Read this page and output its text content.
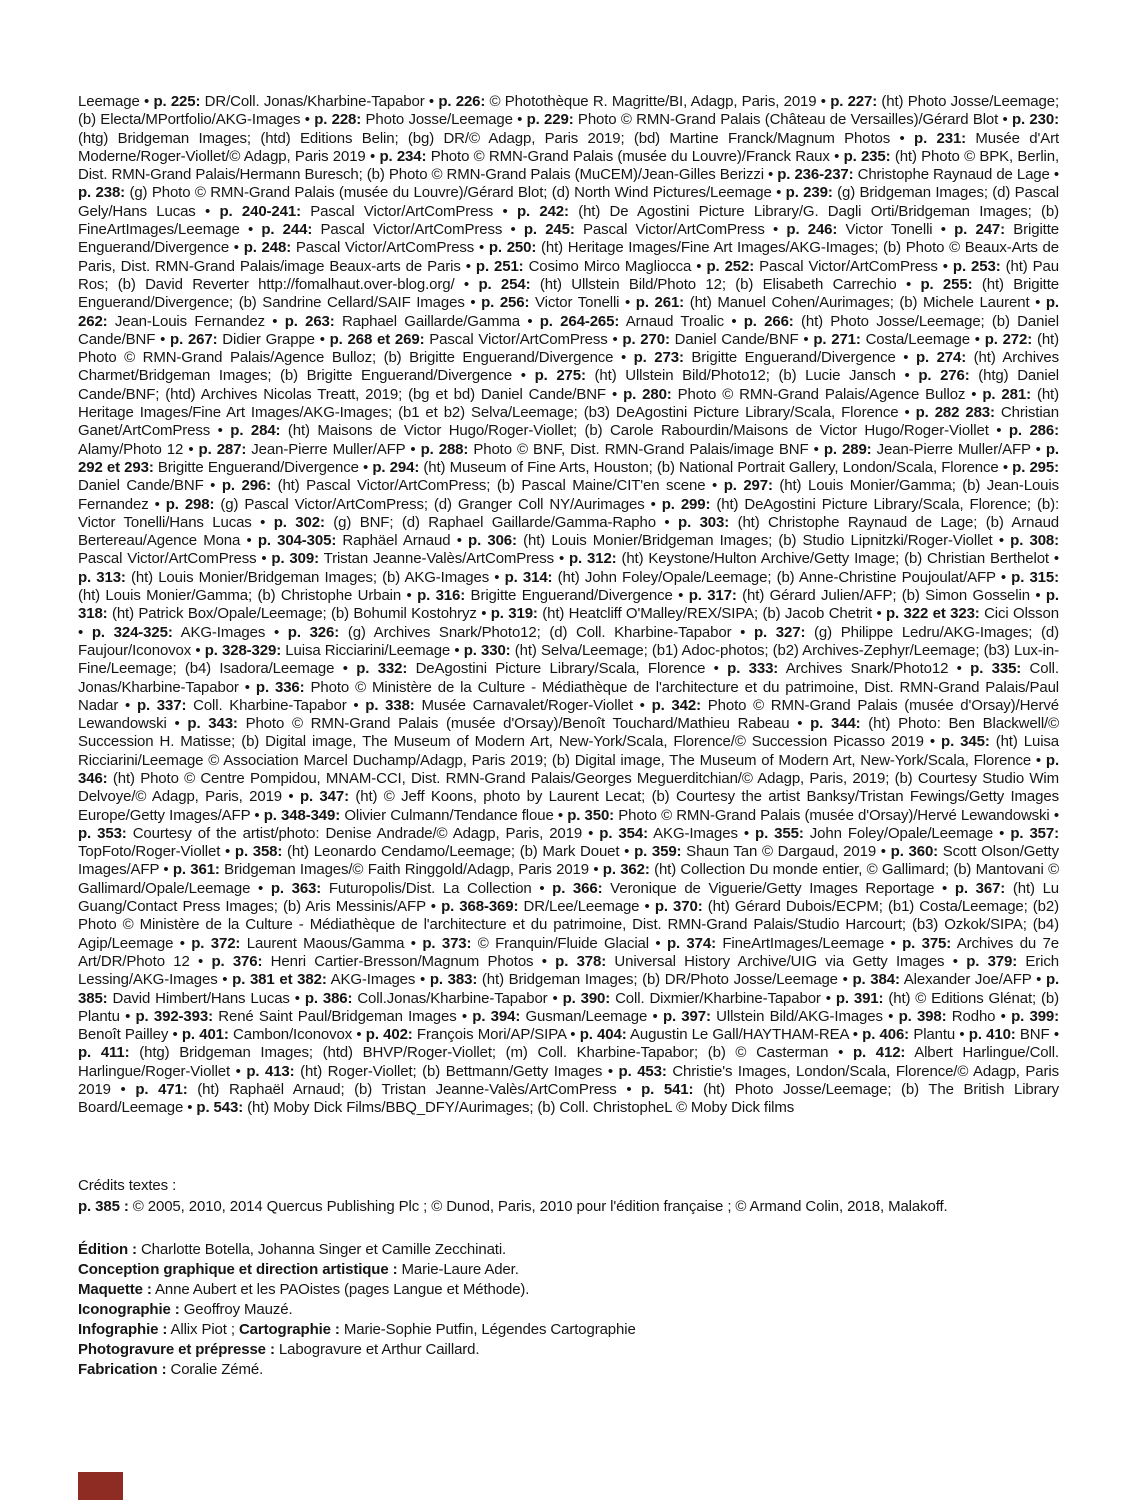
Leemage • p. 225: DR/Coll. Jonas/Kharbine-Tapabor • p. 226: © Photothèque R. Magritte/BI, Adagp, Paris, 2019 • p. 227: (ht) Photo Josse/Leemage; (b) Electa/MPortfolio/AKG-Images • p. 228: Photo Josse/Leemage • p. 229: Photo © RMN-Grand Palais (Château de Versailles)/Gérard Blot • p. 230: (htg) Bridgeman Images; (htd) Editions Belin; (bg) DR/© Adagp, Paris 2019; (bd) Martine Franck/Magnum Photos • p. 231: Musée d'Art Moderne/Roger-Viollet/© Adagp, Paris 2019 • p. 234: Photo © RMN-Grand Palais (musée du Louvre)/Franck Raux • p. 235: (ht) Photo © BPK, Berlin, Dist. RMN-Grand Palais/Hermann Buresch; (b) Photo © RMN-Grand Palais (MuCEM)/Jean-Gilles Berizzi • p. 236-237: Christophe Raynaud de Lage • p. 238: (g) Photo © RMN-Grand Palais (musée du Louvre)/Gérard Blot; (d) North Wind Pictures/Leemage • p. 239: (g) Bridgeman Images; (d) Pascal Gely/Hans Lucas • p. 240-241: Pascal Victor/ArtComPress • p. 242: (ht) De Agostini Picture Library/G. Dagli Orti/Bridgeman Images; (b) FineArtImages/Leemage • p. 244: Pascal Victor/ArtComPress • p. 245: Pascal Victor/ArtComPress • p. 246: Victor Tonelli • p. 247: Brigitte Enguerand/Divergence • p. 248: Pascal Victor/ArtComPress • p. 250: (ht) Heritage Images/Fine Art Images/AKG-Images; (b) Photo © Beaux-Arts de Paris, Dist. RMN-Grand Palais/image Beaux-arts de Paris • p. 251: Cosimo Mirco Magliocca • p. 252: Pascal Victor/ArtComPress • p. 253: (ht) Pau Ros; (b) David Reverter http://fomalhaut.over-blog.org/ • p. 254: (ht) Ullstein Bild/Photo 12; (b) Elisabeth Carrechio • p. 255: (ht) Brigitte Enguerand/Divergence; (b) Sandrine Cellard/SAIF Images • p. 256: Victor Tonelli • p. 261: (ht) Manuel Cohen/Aurimages; (b) Michele Laurent • p. 262: Jean-Louis Fernandez • p. 263: Raphael Gaillarde/Gamma • p. 264-265: Arnaud Troalic • p. 266: (ht) Photo Josse/Leemage; (b) Daniel Cande/BNF • p. 267: Didier Grappe • p. 268 et 269: Pascal Victor/ArtComPress • p. 270: Daniel Cande/BNF • p. 271: Costa/Leemage • p. 272: (ht) Photo © RMN-Grand Palais/Agence Bulloz; (b) Brigitte Enguerand/Divergence • p. 273: Brigitte Enguerand/Divergence • p. 274: (ht) Archives Charmet/Bridgeman Images; (b) Brigitte Enguerand/Divergence • p. 275: (ht) Ullstein Bild/Photo12; (b) Lucie Jansch • p. 276: (htg) Daniel Cande/BNF; (htd) Archives Nicolas Treatt, 2019; (bg et bd) Daniel Cande/BNF • p. 280: Photo © RMN-Grand Palais/Agence Bulloz • p. 281: (ht) Heritage Images/Fine Art Images/AKG-Images; (b1 et b2) Selva/Leemage; (b3) DeAgostini Picture Library/Scala, Florence • p. 282 283: Christian Ganet/ArtComPress • p. 284: (ht) Maisons de Victor Hugo/Roger-Viollet; (b) Carole Rabourdin/Maisons de Victor Hugo/Roger-Viollet • p. 286: Alamy/Photo 12 • p. 287: Jean-Pierre Muller/AFP • p. 288: Photo © BNF, Dist. RMN-Grand Palais/image BNF • p. 289: Jean-Pierre Muller/AFP • p. 292 et 293: Brigitte Enguerand/Divergence • p. 294: (ht) Museum of Fine Arts, Houston; (b) National Portrait Gallery, London/Scala, Florence • p. 295: Daniel Cande/BNF • p. 296: (ht) Pascal Victor/ArtComPress; (b) Pascal Maine/CIT'en scene • p. 297: (ht) Louis Monier/Gamma; (b) Jean-Louis Fernandez • p. 298: (g) Pascal Victor/ArtComPress; (d) Granger Coll NY/Aurimages • p. 299: (ht) DeAgostini Picture Library/Scala, Florence; (b): Victor Tonelli/Hans Lucas • p. 302: (g) BNF; (d) Raphael Gaillarde/Gamma-Rapho • p. 303: (ht) Christophe Raynaud de Lage; (b) Arnaud Bertereau/Agence Mona • p. 304-305: Raphäel Arnaud • p. 306: (ht) Louis Monier/Bridgeman Images; (b) Studio Lipnitzki/Roger-Viollet • p. 308: Pascal Victor/ArtComPress • p. 309: Tristan Jeanne-Valès/ArtComPress • p. 312: (ht) Keystone/Hulton Archive/Getty Image; (b) Christian Berthelot • p. 313: (ht) Louis Monier/Bridgeman Images; (b) AKG-Images • p. 314: (ht) John Foley/Opale/Leemage; (b) Anne-Christine Poujoulat/AFP • p. 315: (ht) Louis Monier/Gamma; (b) Christophe Urbain • p. 316: Brigitte Enguerand/Divergence • p. 317: (ht) Gérard Julien/AFP; (b) Simon Gosselin • p. 318: (ht) Patrick Box/Opale/Leemage; (b) Bohumil Kostohryz • p. 319: (ht) Heatcliff O'Malley/REX/SIPA; (b) Jacob Chetrit • p. 322 et 323: Cici Olsson • p. 324-325: AKG-Images • p. 326: (g) Archives Snark/Photo12; (d) Coll. Kharbine-Tapabor • p. 327: (g) Philippe Ledru/AKG-Images; (d) Faujour/Iconovox • p. 328-329: Luisa Ricciarini/Leemage • p. 330: (ht) Selva/Leemage; (b1) Adoc-photos; (b2) Archives-Zephyr/Leemage; (b3) Lux-in-Fine/Leemage; (b4) Isadora/Leemage • p. 332: DeAgostini Picture Library/Scala, Florence • p. 333: Archives Snark/Photo12 • p. 335: Coll. Jonas/Kharbine-Tapabor • p. 336: Photo © Ministère de la Culture - Médiathèque de l'architecture et du patrimoine, Dist. RMN-Grand Palais/Paul Nadar • p. 337: Coll. Kharbine-Tapabor • p. 338: Musée Carnavalet/Roger-Viollet • p. 342: Photo © RMN-Grand Palais (musée d'Orsay)/Hervé Lewandowski • p. 343: Photo © RMN-Grand Palais (musée d'Orsay)/Benoît Touchard/Mathieu Rabeau • p. 344: (ht) Photo: Ben Blackwell/© Succession H. Matisse; (b) Digital image, The Museum of Modern Art, New-York/Scala, Florence/© Succession Picasso 2019 • p. 345: (ht) Luisa Ricciarini/Leemage © Association Marcel Duchamp/Adagp, Paris 2019; (b) Digital image, The Museum of Modern Art, New-York/Scala, Florence • p. 346: (ht) Photo © Centre Pompidou, MNAM-CCI, Dist. RMN-Grand Palais/Georges Meguerditchian/© Adagp, Paris, 2019; (b) Courtesy Studio Wim Delvoye/© Adagp, Paris, 2019 • p. 347: (ht) © Jeff Koons, photo by Laurent Lecat; (b) Courtesy the artist Banksy/Tristan Fewings/Getty Images Europe/Getty Images/AFP • p. 348-349: Olivier Culmann/Tendance floue • p. 350: Photo © RMN-Grand Palais (musée d'Orsay)/Hervé Lewandowski • p. 353: Courtesy of the artist/photo: Denise Andrade/© Adagp, Paris, 2019 • p. 354: AKG-Images • p. 355: John Foley/Opale/Leemage • p. 357: TopFoto/Roger-Viollet • p. 358: (ht) Leonardo Cendamo/Leemage; (b) Mark Douet • p. 359: Shaun Tan © Dargaud, 2019 • p. 360: Scott Olson/Getty Images/AFP • p. 361: Bridgeman Images/© Faith Ringgold/Adagp, Paris 2019 • p. 362: (ht) Collection Du monde entier, © Gallimard; (b) Mantovani © Gallimard/Opale/Leemage • p. 363: Futuropolis/Dist. La Collection • p. 366: Veronique de Viguerie/Getty Images Reportage • p. 367: (ht) Lu Guang/Contact Press Images; (b) Aris Messinis/AFP • p. 368-369: DR/Lee/Leemage • p. 370: (ht) Gérard Dubois/ECPM; (b1) Costa/Leemage; (b2) Photo © Ministère de la Culture - Médiathèque de l'architecture et du patrimoine, Dist. RMN-Grand Palais/Studio Harcourt; (b3) Ozkok/SIPA; (b4) Agip/Leemage • p. 372: Laurent Maous/Gamma • p. 373: © Franquin/Fluide Glacial • p. 374: FineArtImages/Leemage • p. 375: Archives du 7e Art/DR/Photo 12 • p. 376: Henri Cartier-Bresson/Magnum Photos • p. 378: Universal History Archive/UIG via Getty Images • p. 379: Erich Lessing/AKG-Images • p. 381 et 382: AKG-Images • p. 383: (ht) Bridgeman Images; (b) DR/Photo Josse/Leemage • p. 384: Alexander Joe/AFP • p. 385: David Himbert/Hans Lucas • p. 386: Coll.Jonas/Kharbine-Tapabor • p. 390: Coll. Dixmier/Kharbine-Tapabor • p. 391: (ht) © Editions Glénat; (b) Plantu • p. 392-393: René Saint Paul/Bridgeman Images • p. 394: Gusman/Leemage • p. 397: Ullstein Bild/AKG-Images • p. 398: Rodho • p. 399: Benoît Pailley • p. 401: Cambon/Iconovox • p. 402: François Mori/AP/SIPA • p. 404: Augustin Le Gall/HAYTHAM-REA • p. 406: Plantu • p. 410: BNF • p. 411: (htg) Bridgeman Images; (htd) BHVP/Roger-Viollet; (m) Coll. Kharbine-Tapabor; (b) © Casterman • p. 412: Albert Harlingue/Coll. Harlingue/Roger-Viollet • p. 413: (ht) Roger-Viollet; (b) Bettmann/Getty Images • p. 453: Christie's Images, London/Scala, Florence/© Adagp, Paris 2019 • p. 471: (ht) Raphaël Arnaud; (b) Tristan Jeanne-Valès/ArtComPress • p. 541: (ht) Photo Josse/Leemage; (b) The British Library Board/Leemage • p. 543: (ht) Moby Dick Films/BBQ_DFY/Aurimages; (b) Coll. ChristopheL © Moby Dick films

Crédits textes :

p. 385 : © 2005, 2010, 2014 Quercus Publishing Plc ; © Dunod, Paris, 2010 pour l'édition française ; © Armand Colin, 2018, Malakoff.

Édition : Charlotte Botella, Johanna Singer et Camille Zecchinati.

Conception graphique et direction artistique : Marie-Laure Ader.

Maquette : Anne Aubert et les PAOistes (pages Langue et Méthode).

Iconographie : Geoffroy Mauzé.

Infographie : Allix Piot ; Cartographie : Marie-Sophie Putfin, Légendes Cartographie

Photogravure et prépresse : Labogravure et Arthur Caillard.

Fabrication : Coralie Zémé.
